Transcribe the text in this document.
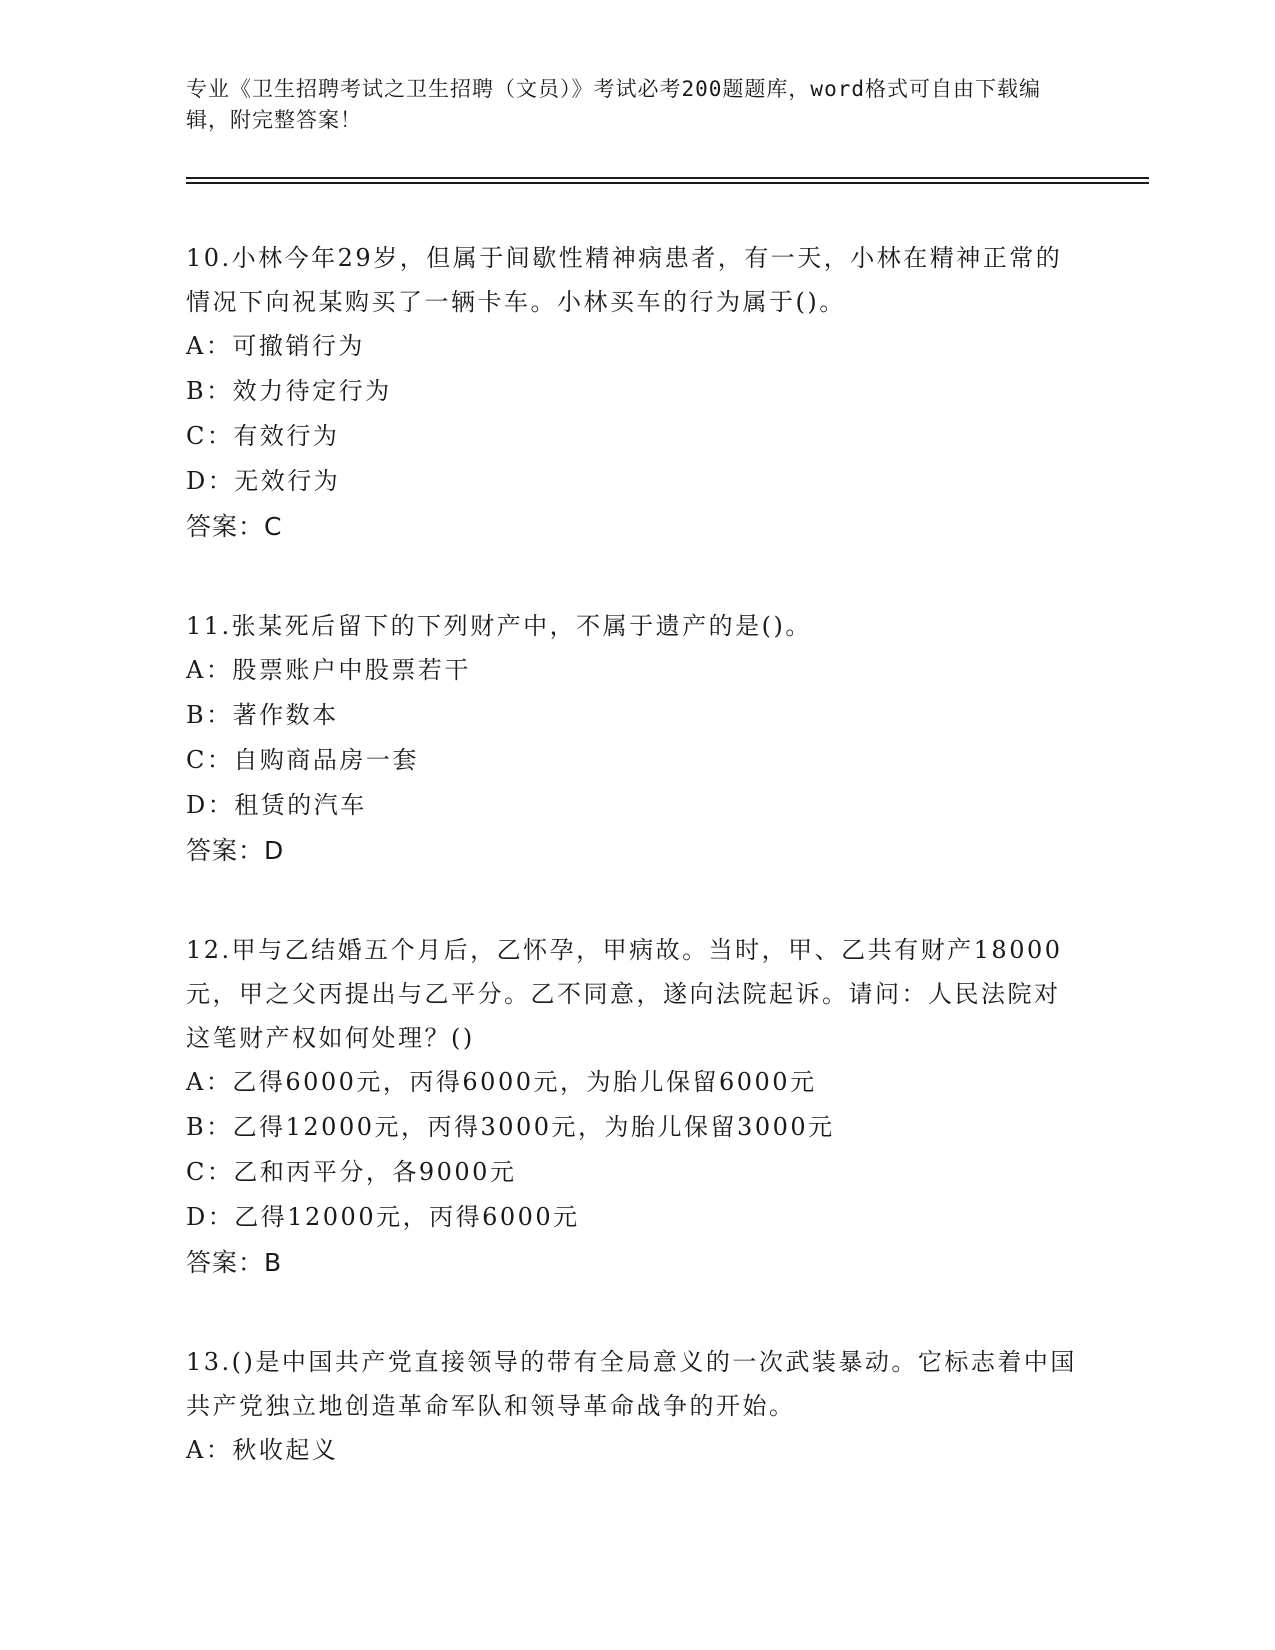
专业《卫生招聘考试之卫生招聘（文员）》考试必考200题题库，word格式可自由下载编辑，附完整答案！

10.小林今年29岁，但属于间歇性精神病患者，有一天，小林在精神正常的情况下向祝某购买了一辆卡车。小林买车的行为属于()。

A：可撤销行为

B：效力待定行为

C：有效行为

D：无效行为

答案：C

11.张某死后留下的下列财产中，不属于遗产的是()。

A：股票账户中股票若干

B：著作数本

C：自购商品房一套

D：租赁的汽车

答案：D

12.甲与乙结婚五个月后，乙怀孕，甲病故。当时，甲、乙共有财产18000元，甲之父丙提出与乙平分。乙不同意，遂向法院起诉。请问：人民法院对这笔财产权如何处理？()

A：乙得6000元，丙得6000元，为胎儿保留6000元

B：乙得12000元，丙得3000元，为胎儿保留3000元

C：乙和丙平分，各9000元

D：乙得12000元，丙得6000元

答案：B

13.()是中国共产党直接领导的带有全局意义的一次武装暴动。它标志着中国共产党独立地创造革命军队和领导革命战争的开始。

A：秋收起义
